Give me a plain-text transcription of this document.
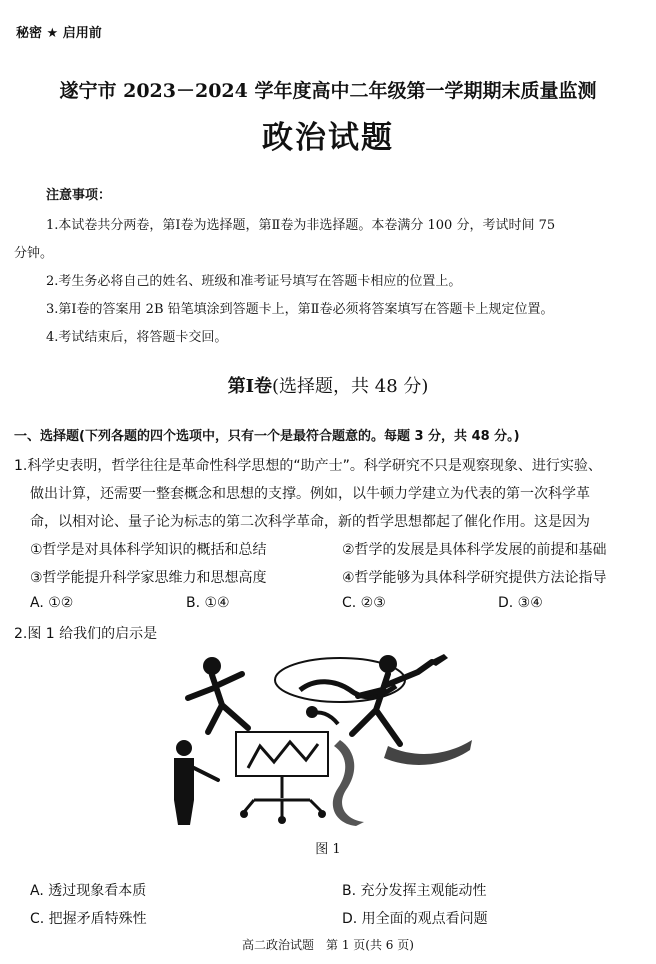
秘密 ★ 启用前
遂宁市 2023－2024 学年度高中二年级第一学期期末质量监测
政治试题
注意事项：
1.本试卷共分两卷，第Ⅰ卷为选择题，第Ⅱ卷为非选择题。本卷满分 100 分，考试时间 75
分钟。
2.考生务必将自己的姓名、班级和准考证号填写在答题卡相应的位置上。
3.第Ⅰ卷的答案用 2B 铅笔填涂到答题卡上，第Ⅱ卷必须将答案填写在答题卡上规定位置。
4.考试结束后，将答题卡交回。
第Ⅰ卷(选择题，共 48 分)
一、选择题(下列各题的四个选项中，只有一个是最符合题意的。每题 3 分，共 48 分。)
1.科学史表明，哲学往往是革命性科学思想的“助产士”。科学研究不只是观察现象、进行实验、
做出计算，还需要一整套概念和思想的支撑。例如，以牛顿力学建立为代表的第一次科学革
命，以相对论、量子论为标志的第二次科学革命，新的哲学思想都起了催化作用。这是因为
①哲学是对具体科学知识的概括和总结	②哲学的发展是具体科学发展的前提和基础
③哲学能提升科学家思维力和思想高度	④哲学能够为具体科学研究提供方法论指导
A. ①②	B. ①④	C. ②③	D. ③④
2.图 1 给我们的启示是
图 1
A. 透过现象看本质	B. 充分发挥主观能动性
C. 把握矛盾特殊性	D. 用全面的观点看问题
高二政治试题　第 1 页(共 6 页)
